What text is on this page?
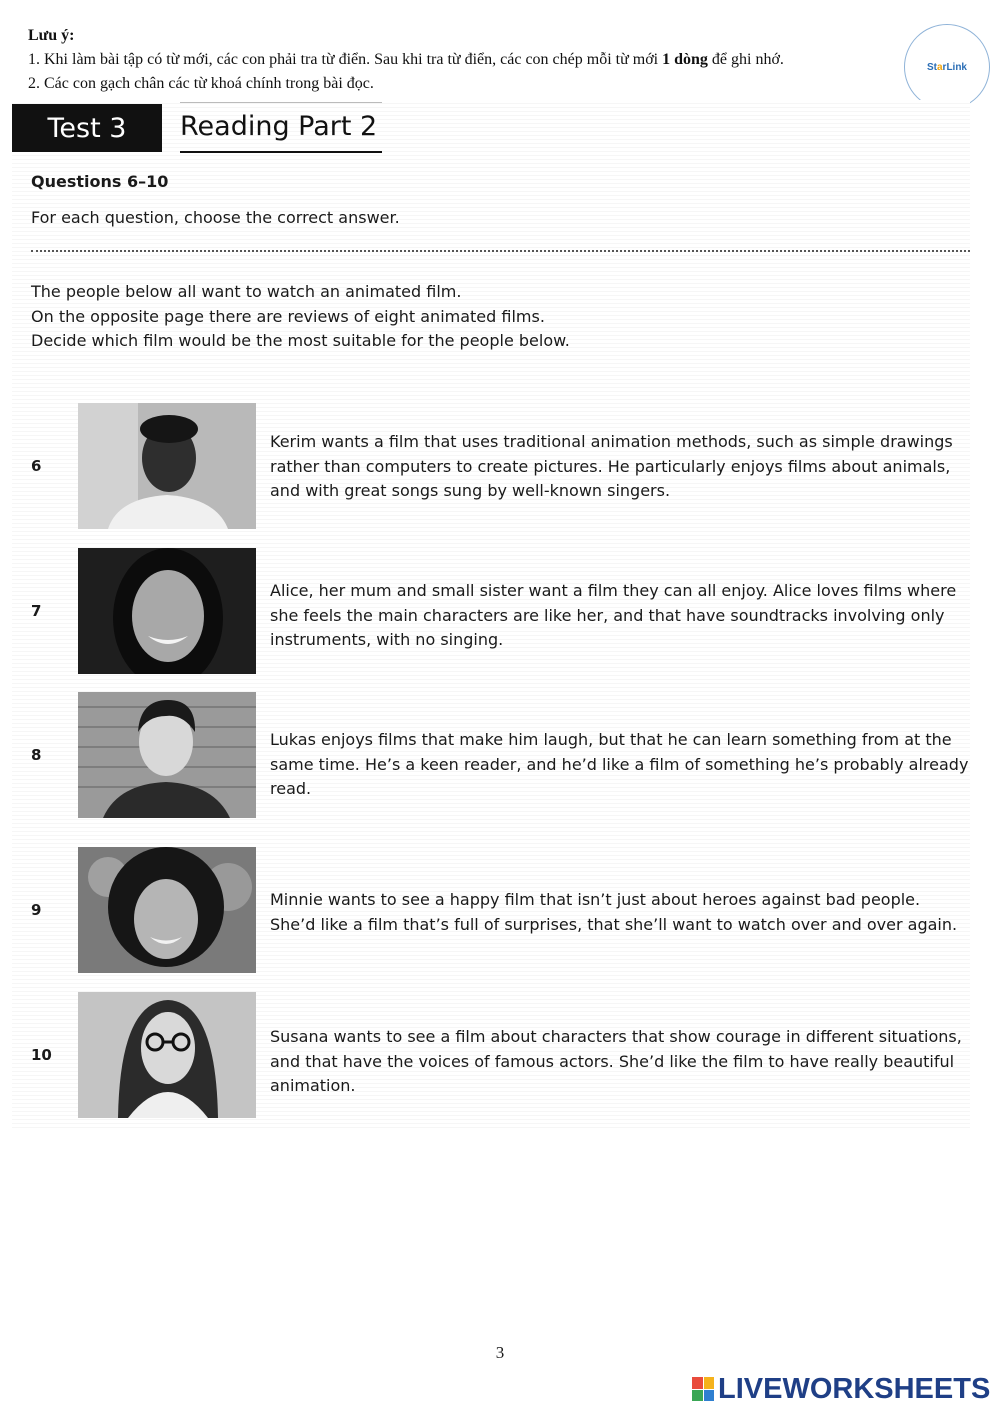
Lưu ý:
1. Khi làm bài tập có từ mới, các con phải tra từ điển. Sau khi tra từ điển, các con chép mỗi từ mới 1 dòng để ghi nhớ.
2. Các con gạch chân các từ khoá chính trong bài đọc.
St a rLink
Test 3	Reading Part 2
Questions 6–10
For each question, choose the correct answer.
The people below all want to watch an animated film.
On the opposite page there are reviews of eight animated films.
Decide which film would be the most suitable for the people below.
6
Kerim wants a film that uses traditional animation methods, such as simple drawings rather than computers to create pictures. He particularly enjoys films about animals, and with great songs sung by well-known singers.
7
Alice, her mum and small sister want a film they can all enjoy. Alice loves films where she feels the main characters are like her, and that have soundtracks involving only instruments, with no singing.
8
Lukas enjoys films that make him laugh, but that he can learn something from at the same time. He’s a keen reader, and he’d like a film of something he’s probably already read.
9
Minnie wants to see a happy film that isn’t just about heroes against bad people. She’d like a film that’s full of surprises, that she’ll want to watch over and over again.
10
Susana wants to see a film about characters that show courage in different situations, and that have the voices of famous actors. She’d like the film to have really beautiful animation.
3
LIVEWORKSHEETS
